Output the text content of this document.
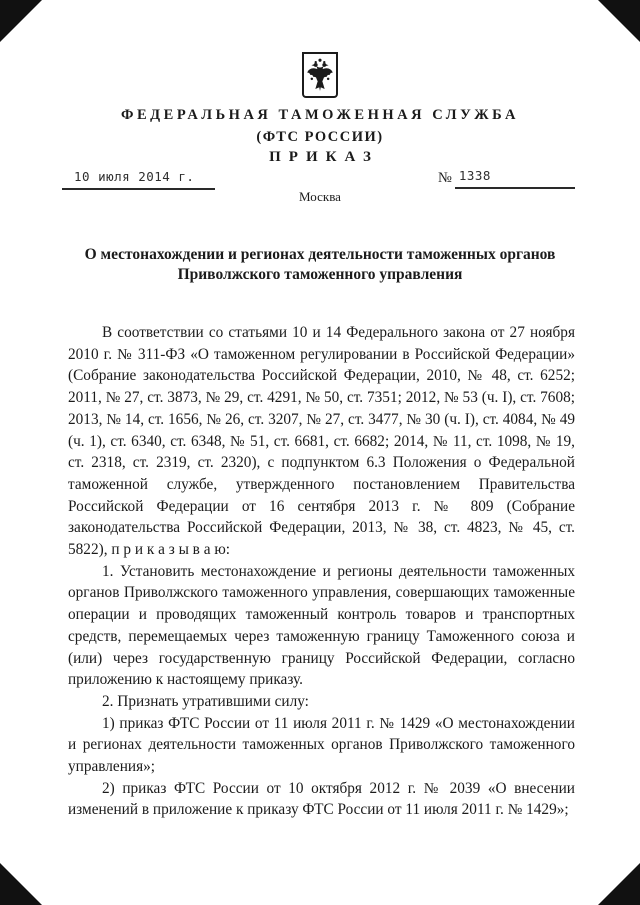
ФЕДЕРАЛЬНАЯ ТАМОЖЕННАЯ СЛУЖБА
(ФТС РОССИИ)
ПРИКАЗ
10 июля 2014 г.	№ 1338
Москва
О местонахождении и регионах деятельности таможенных органов
Приволжского таможенного управления

В соответствии со статьями 10 и 14 Федерального закона от 27 ноября 2010 г. № 311-ФЗ «О таможенном регулировании в Российской Федерации» (Собрание законодательства Российской Федерации, 2010, № 48, ст. 6252; 2011, № 27, ст. 3873, № 29, ст. 4291, № 50, ст. 7351; 2012, № 53 (ч. I), ст. 7608; 2013, № 14, ст. 1656, № 26, ст. 3207, № 27, ст. 3477, № 30 (ч. I), ст. 4084, № 49 (ч. 1), ст. 6340, ст. 6348, № 51, ст. 6681, ст. 6682; 2014, № 11, ст. 1098, № 19, ст. 2318, ст. 2319, ст. 2320), с подпунктом 6.3 Положения о Федеральной таможенной службе, утвержденного постановлением Правительства Российской Федерации от 16 сентября 2013 г. № 809 (Собрание законодательства Российской Федерации, 2013, № 38, ст. 4823, № 45, ст. 5822), п р и к а з ы в а ю:

1. Установить местонахождение и регионы деятельности таможенных органов Приволжского таможенного управления, совершающих таможенные операции и проводящих таможенный контроль товаров и транспортных средств, перемещаемых через таможенную границу Таможенного союза и (или) через государственную границу Российской Федерации, согласно приложению к настоящему приказу.

2. Признать утратившими силу:

1) приказ ФТС России от 11 июля 2011 г. № 1429 «О местонахождении и регионах деятельности таможенных органов Приволжского таможенного управления»;

2) приказ ФТС России от 10 октября 2012 г. № 2039 «О внесении изменений в приложение к приказу ФТС России от 11 июля 2011 г. № 1429»;
